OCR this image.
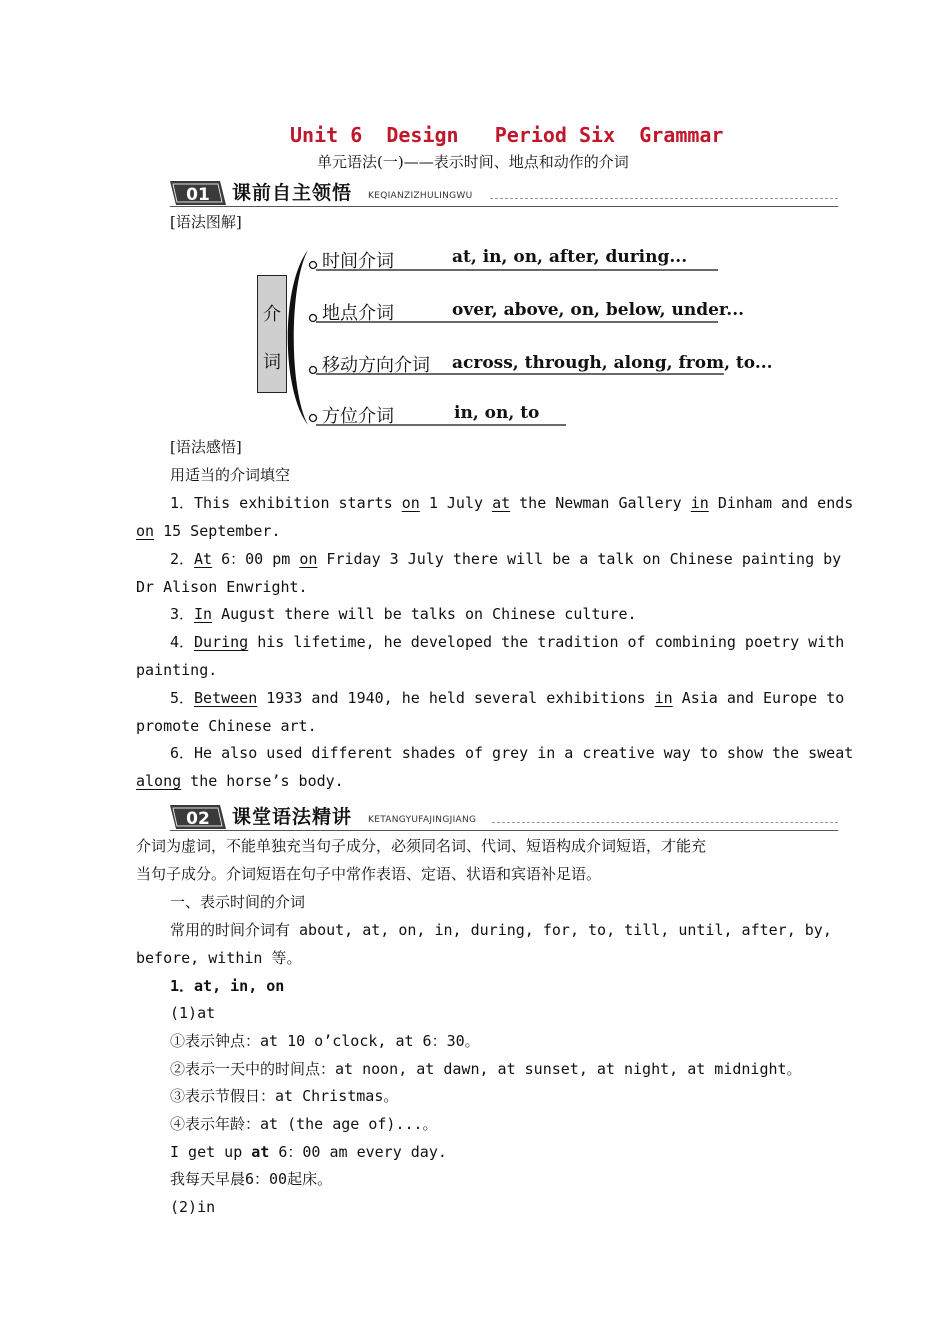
Unit 6  Design   Period Six  Grammar
单元语法(一)——表示时间、地点和动作的介词
01 课前自主领悟 KEQIANZIZHULINGWU
[语法图解]
介
词
时间介词	at, in, on, after, during...
地点介词	over, above, on, below, under...
移动方向介词 across, through, along, from, to...
方位介词	in, on, to
[语法感悟]
用适当的介词填空
1．This exhibition starts on 1 July at the Newman Gallery in Dinham and ends
on 15 September.
2．At 6：00 pm on Friday 3 July there will be a talk on Chinese painting by
Dr Alison Enwright.
3．In August there will be talks on Chinese culture.
4．During his lifetime, he developed the tradition of combining poetry with
painting.
5．Between 1933 and 1940, he held several exhibitions in Asia and Europe to
promote Chinese art.
6．He also used different shades of grey in a creative way to show the sweat
along the horse’s body.
02 课堂语法精讲 KETANGYUFAJINGJIANG
介词为虚词，不能单独充当句子成分，必须同名词、代词、短语构成介词短语，才能充
当句子成分。介词短语在句子中常作表语、定语、状语和宾语补足语。
一、表示时间的介词
常用的时间介词有 about, at, on, in, during, for, to, till, until, after, by,
before, within 等。
1．at, in, on
(1)at
①表示钟点：at 10 o’clock, at 6：30。
②表示一天中的时间点：at noon, at dawn, at sunset, at night, at midnight。
③表示节假日：at Christmas。
④表示年龄：at (the age of)...。
I get up at 6：00 am every day.
我每天早晨6：00起床。
(2)in
